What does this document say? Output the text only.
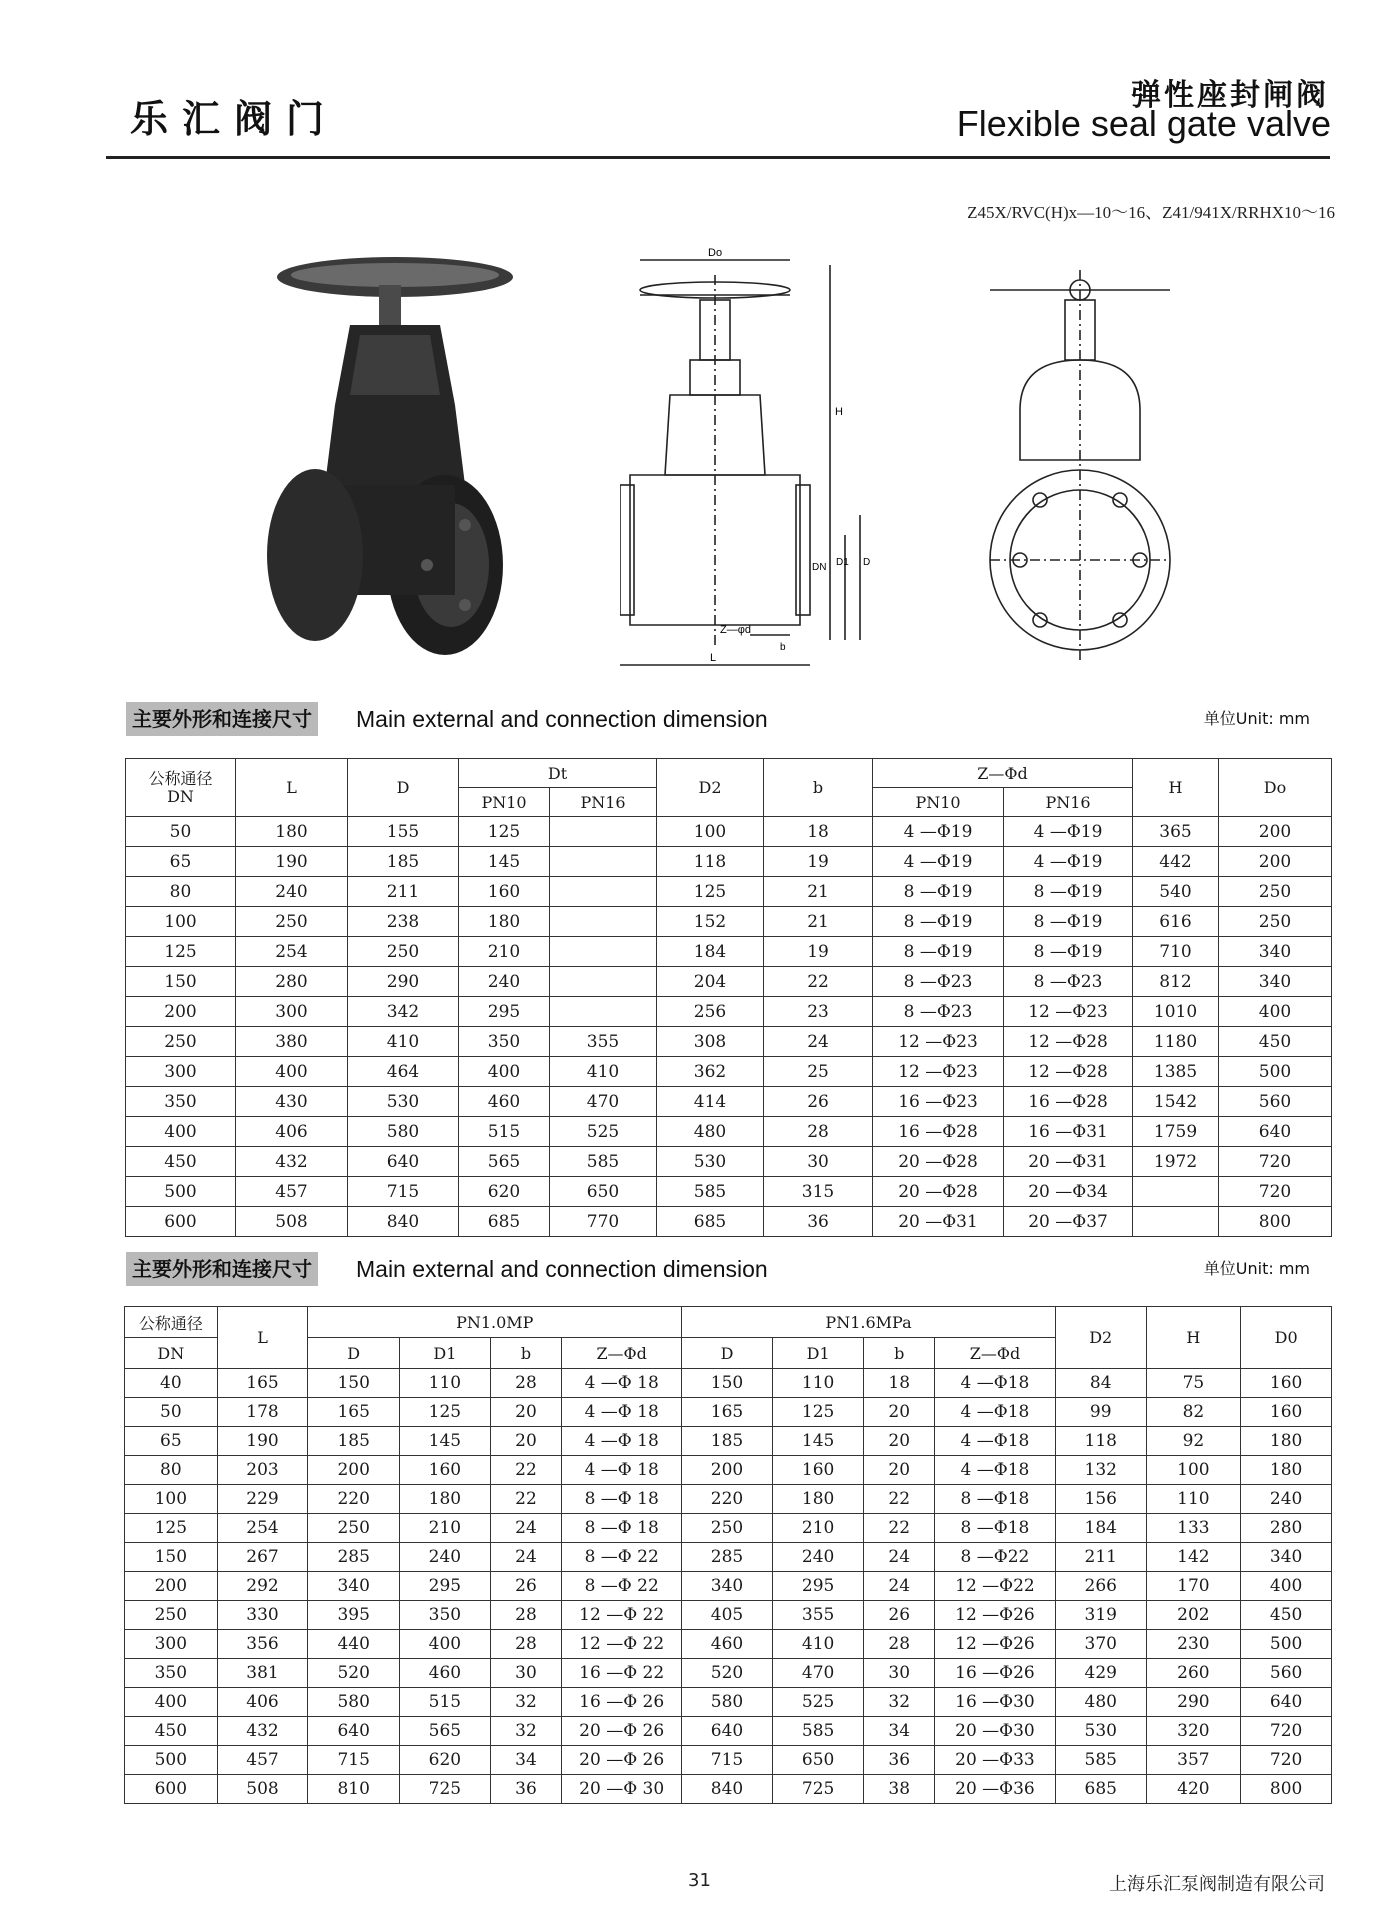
乐汇阀门
弹性座封闸阀
Flexible seal gate valve
Z45X/RVC(H)x—10～16、Z41/941X/RRHX10～16
Do
H
DN D1 D
Z—φd
L
b
主要外形和连接尺寸 Main external and connection dimension	单位Unit: mm
公称通径
DN	L	D	Dt		D2	b	Z—Φd		H	Do
			PN10	PN16			PN10	PN16		
50	180	155	125		100	18	4 —Φ19	4 —Φ19	365	200
65	190	185	145		118	19	4 —Φ19	4 —Φ19	442	200
80	240	211	160		125	21	8 —Φ19	8 —Φ19	540	250
100	250	238	180		152	21	8 —Φ19	8 —Φ19	616	250
125	254	250	210		184	19	8 —Φ19	8 —Φ19	710	340
150	280	290	240		204	22	8 —Φ23	8 —Φ23	812	340
200	300	342	295		256	23	8 —Φ23	12 —Φ23	1010	400
250	380	410	350	355	308	24	12 —Φ23	12 —Φ28	1180	450
300	400	464	400	410	362	25	12 —Φ23	12 —Φ28	1385	500
350	430	530	460	470	414	26	16 —Φ23	16 —Φ28	1542	560
400	406	580	515	525	480	28	16 —Φ28	16 —Φ31	1759	640
450	432	640	565	585	530	30	20 —Φ28	20 —Φ31	1972	720
500	457	715	620	650	585	315	20 —Φ28	20 —Φ34		720
600	508	840	685	770	685	36	20 —Φ31	20 —Φ37		800
主要外形和连接尺寸 Main external and connection dimension	单位Unit: mm
公称通径	L	PN1.0MP				PN1.6MPa				D2	H	D0
DN		D	D1	b	Z—Φd	D	D1	b	Z—Φd			
40	165	150	110	28	4 —Φ 18	150	110	18	4 —Φ18	84	75	160
50	178	165	125	20	4 —Φ 18	165	125	20	4 —Φ18	99	82	160
65	190	185	145	20	4 —Φ 18	185	145	20	4 —Φ18	118	92	180
80	203	200	160	22	4 —Φ 18	200	160	20	4 —Φ18	132	100	180
100	229	220	180	22	8 —Φ 18	220	180	22	8 —Φ18	156	110	240
125	254	250	210	24	8 —Φ 18	250	210	22	8 —Φ18	184	133	280
150	267	285	240	24	8 —Φ 22	285	240	24	8 —Φ22	211	142	340
200	292	340	295	26	8 —Φ 22	340	295	24	12 —Φ22	266	170	400
250	330	395	350	28	12 —Φ 22	405	355	26	12 —Φ26	319	202	450
300	356	440	400	28	12 —Φ 22	460	410	28	12 —Φ26	370	230	500
350	381	520	460	30	16 —Φ 22	520	470	30	16 —Φ26	429	260	560
400	406	580	515	32	16 —Φ 26	580	525	32	16 —Φ30	480	290	640
450	432	640	565	32	20 —Φ 26	640	585	34	20 —Φ30	530	320	720
500	457	715	620	34	20 —Φ 26	715	650	36	20 —Φ33	585	357	720
600	508	810	725	36	20 —Φ 30	840	725	38	20 —Φ36	685	420	800
31	上海乐汇泵阀制造有限公司
